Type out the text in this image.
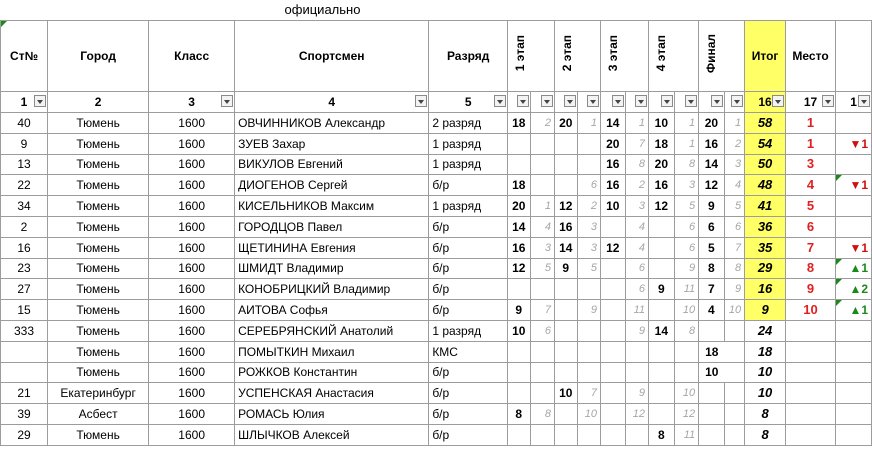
официально
Ст№	Город	Класс	Спортсмен	Разряд	1 этап		2 этап		3 этап		4 этап		Финал		Итог	Место	
1	2	3	4	5											16	17	1

40	Тюмень	1600	ОВЧИННИКОВ Александр	2 разряд	18	2	20	1	14	1	10	1	20	1	58	1	
9	Тюмень	1600	ЗУЕВ Захар	1 разряд					20	7	18	1	16	2	54	1	▼1
13	Тюмень	1600	ВИКУЛОВ Евгений	1 разряд					16	8	20	8	14	3	50	3	
22	Тюмень	1600	ДИОГЕНОВ Сергей	б/р	18			6	16	2	16	3	12	4	48	4	▼1
34	Тюмень	1600	КИСЕЛЬНИКОВ Максим	1 разряд	20	1	12	2	10	3	12	5	9	5	41	5	
2	Тюмень	1600	ГОРОДЦОВ Павел	б/р	14	4	16	3		4		6	6	6	36	6	
16	Тюмень	1600	ЩЕТИНИНА Евгения	б/р	16	3	14	3	12	4		6	5	7	35	7	▼1
23	Тюмень	1600	ШМИДТ Владимир	б/р	12	5	9	5		6		9	8	8	29	8	▲1
27	Тюмень	1600	КОНОБРИЦКИЙ Владимир	б/р						6	9	11	7	9	16	9	▲2
15	Тюмень	1600	АИТОВА Софья	б/р	9	7		9		11		10	4	10	9	10	▲1
333	Тюмень	1600	СЕРЕБРЯНСКИЙ Анатолий	1 разряд	10	6				9	14	8			24		
	Тюмень	1600	ПОМЫТКИН Михаил	КМС									18		18		
	Тюмень	1600	РОЖКОВ Константин	б/р									10		10		
21	Екатеринбург	1600	УСПЕНСКАЯ Анастасия	б/р			10	7		9		10			10		
39	Асбест	1600	РОМАСЬ Юлия	б/р	8	8		10		12		12			8		
29	Тюмень	1600	ШЛЫЧКОВ Алексей	б/р							8	11			8		
